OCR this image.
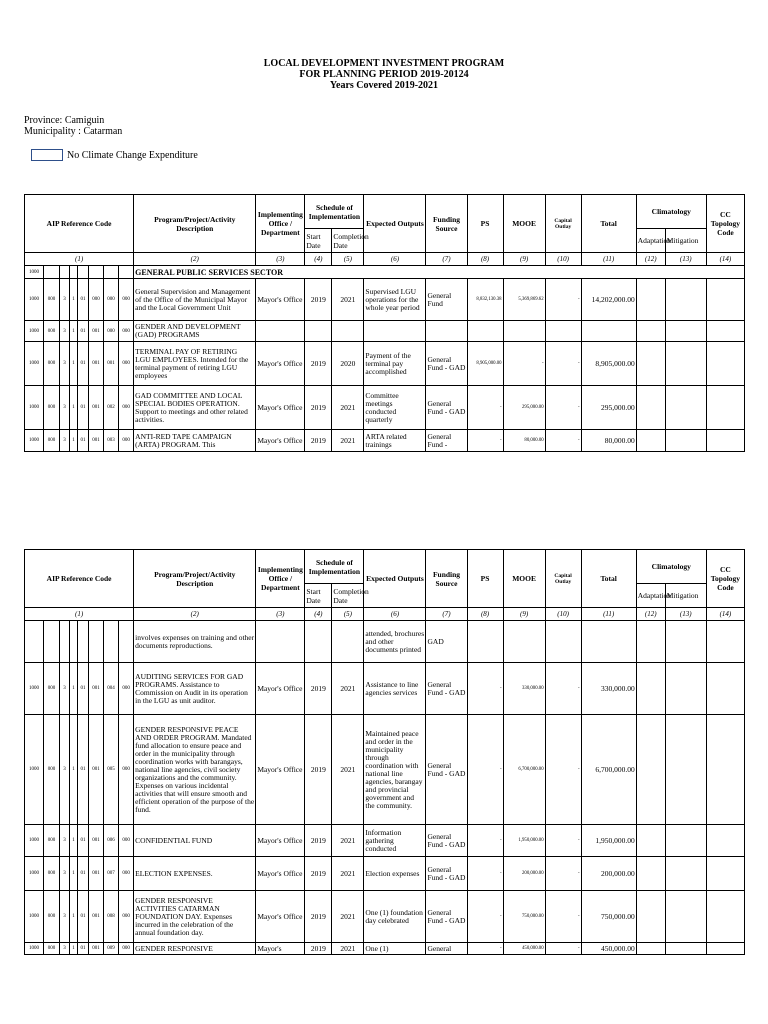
LOCAL DEVELOPMENT INVESTMENT PROGRAM
FOR PLANNING PERIOD 2019-20124
Years Covered 2019-2021
Province: Camiguin
Municipality : Catarman
No Climate Change Expenditure
AIP Reference Code								Program/Project/Activity Description	Implementing Office / Department	Schedule of Implementation		Expected Outputs	Funding Source	PS	MOOE	Capital Outlay	Total	Climatology		CC Topology Code
										Start Date	Completion Date							Adaptation	Mitigation	
(1)								(2)	(3)	(4)	(5)	(6)	(7)	(8)	(9)	(10)	(11)	(12)	(13)	(14)
1000								GENERAL PUBLIC SERVICES SECTOR												
1000	000	3	1	01	000	000	000	General Supervision and Management of the Office of the Municipal Mayor and the Local Government Unit	Mayor's Office	2019	2021	Supervised LGU operations for the whole year period	General Fund	8,832,130.38	5,369,869.62	-	14,202,000.00			
1000	000	3	1	01	001	000	000	GENDER AND DEVELOPMENT (GAD) PROGRAMS												
1000	000	3	1	01	001	001	000	TERMINAL PAY OF RETIRING LGU EMPLOYEES. Intended for the terminal payment of retiring LGU employees	Mayor's Office	2019	2020	Payment of the terminal pay accomplished	General Fund - GAD	8,905,000.00	-	-	8,905,000.00			
1000	000	3	1	01	001	002	000	GAD COMMITTEE AND LOCAL SPECIAL BODIES OPERATION. Support to meetings and other related activities.	Mayor's Office	2019	2021	Committee meetings conducted quarterly	General Fund - GAD	-	295,000.00	-	295,000.00			
1000	000	3	1	01	001	003	000	ANTI-RED TAPE CAMPAIGN (ARTA) PROGRAM. This	Mayor's Office	2019	2021	ARTA related trainings	General Fund -	-	80,000.00	-	80,000.00			
AIP Reference Code								Program/Project/Activity Description	Implementing Office / Department	Schedule of Implementation		Expected Outputs	Funding Source	PS	MOOE	Capital Outlay	Total	Climatology		CC Topology Code
										Start Date	Completion Date							Adaptation	Mitigation	
(1)								(2)	(3)	(4)	(5)	(6)	(7)	(8)	(9)	(10)	(11)	(12)	(13)	(14)
								involves expenses on training and other documents reproductions.				attended, brochures and other documents printed	GAD							
1000	000	3	1	01	001	004	000	AUDITING SERVICES FOR GAD PROGRAMS. Assistance to Commission on Audit in its operation in the LGU as unit auditor.	Mayor's Office	2019	2021	Assistance to line agencies services	General Fund - GAD	-	330,000.00	-	330,000.00			
1000	000	3	1	01	001	005	000	GENDER RESPONSIVE PEACE AND ORDER PROGRAM. Mandated fund allocation to ensure peace and order in the municipality through coordination works with barangays, national line agencies, civil society organizations and the community. Expenses on various incidental activities that will ensure smooth and efficient operation of the purpose of the fund.	Mayor's Office	2019	2021	Maintained peace and order in the municipality through coordination with national line agencies, barangay and provincial government and the community.	General Fund - GAD	-	6,700,000.00	-	6,700,000.00			
1000	000	3	1	01	001	006	000	CONFIDENTIAL FUND	Mayor's Office	2019	2021	Information gathering conducted	General Fund - GAD	-	1,950,000.00	-	1,950,000.00			
1000	000	3	1	01	001	007	000	ELECTION EXPENSES.	Mayor's Office	2019	2021	Election expenses	General Fund - GAD	-	200,000.00	-	200,000.00			
1000	000	3	1	01	001	008	000	GENDER RESPONSIVE ACTIVITIES CATARMAN FOUNDATION DAY. Expenses incurred in the celebration of the annual foundation day.	Mayor's Office	2019	2021	One (1) foundation day celebrated	General Fund - GAD	-	750,000.00	-	750,000.00			
1000	000	3	1	01	001	009	000	GENDER RESPONSIVE	Mayor's	2019	2021	One (1)	General	-	450,000.00	-	450,000.00			
